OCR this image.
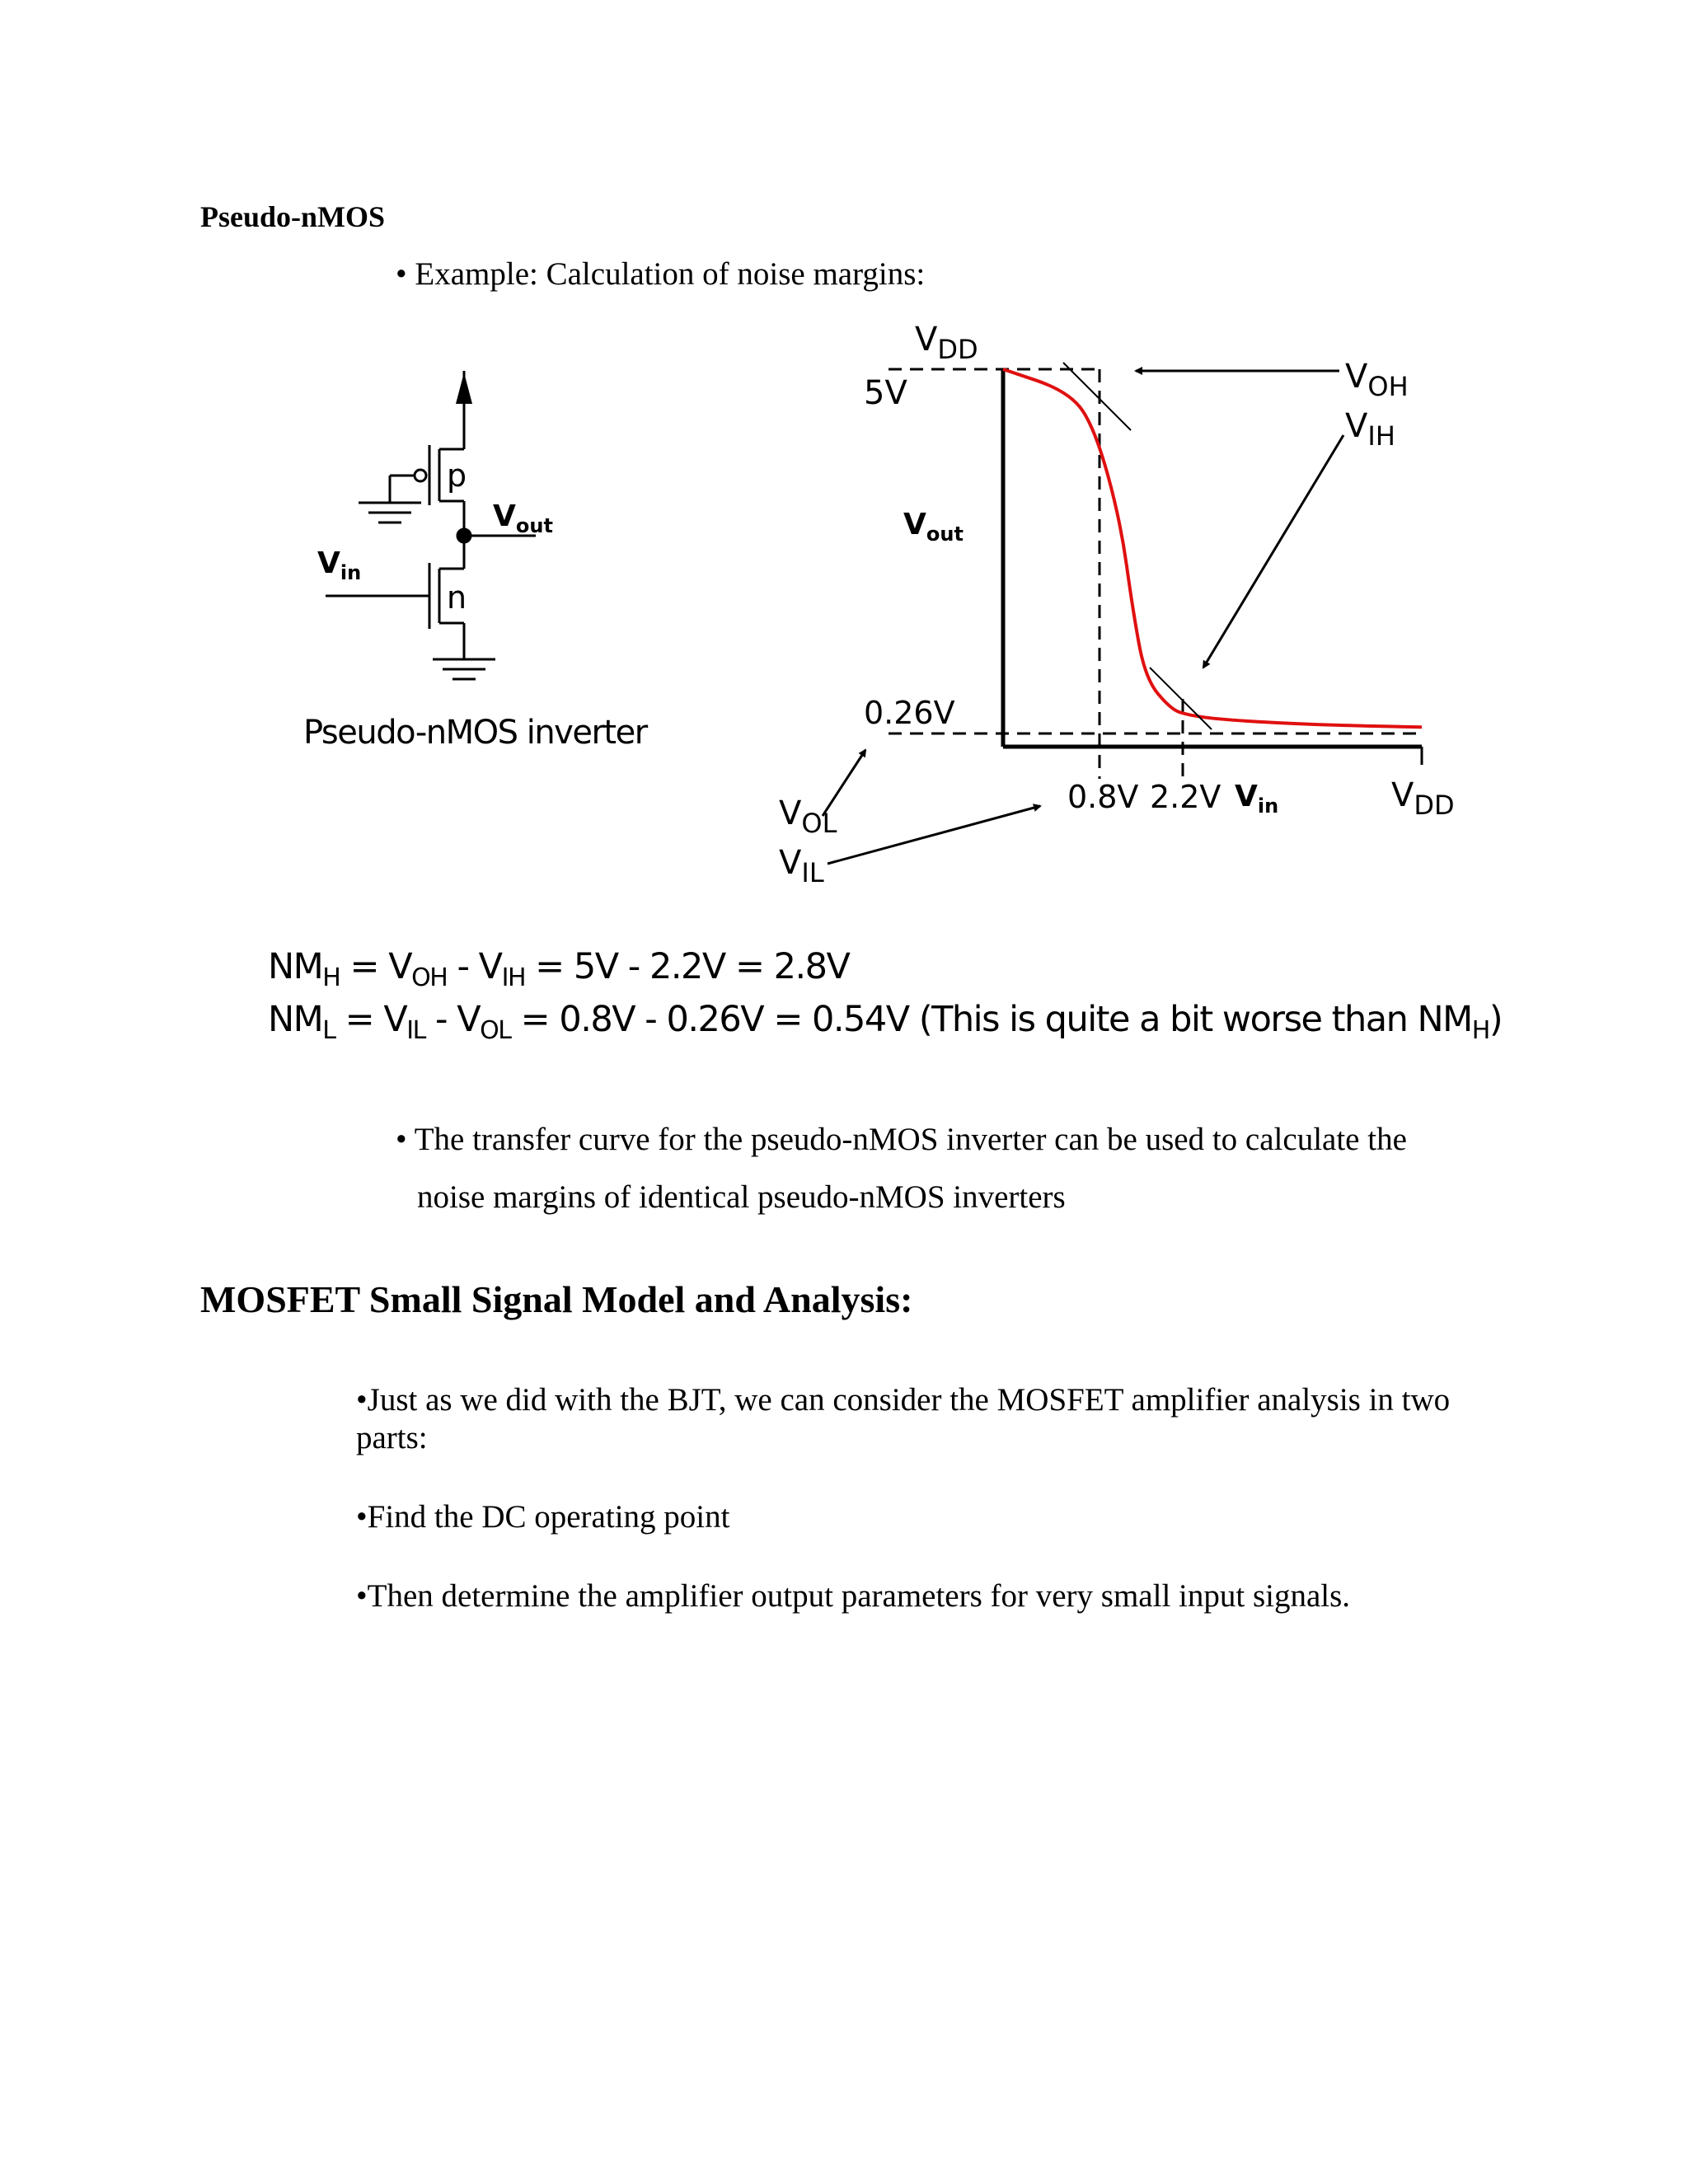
Pseudo-nMOS
• Example: Calculation of noise margins:
p
n
$V_{out}$
$V_{in}$
Pseudo-nMOS inverter
$V_{DD}$
5V
$V_{out}$
0.26V
$V_{OH}$
$V_{IH}$
$V_{OL}$
$V_{IL}$
0.8V 2.2V $V_{in}$	$V_{DD}$
$NM_H = V_{OH} - V_{IH} = 5V - 2.2V = 2.8V$
$NM_L = V_{IL} - V_{OL} = 0.8V - 0.26V = 0.54V$ (This is quite a bit worse than $NM_H$)
• The transfer curve for the pseudo-nMOS inverter can be used to calculate the
noise margins of identical pseudo-nMOS inverters
MOSFET Small Signal Model and Analysis:
•Just as we did with the BJT, we can consider the MOSFET amplifier analysis in two
parts:
•Find the DC operating point
•Then determine the amplifier output parameters for very small input signals.
